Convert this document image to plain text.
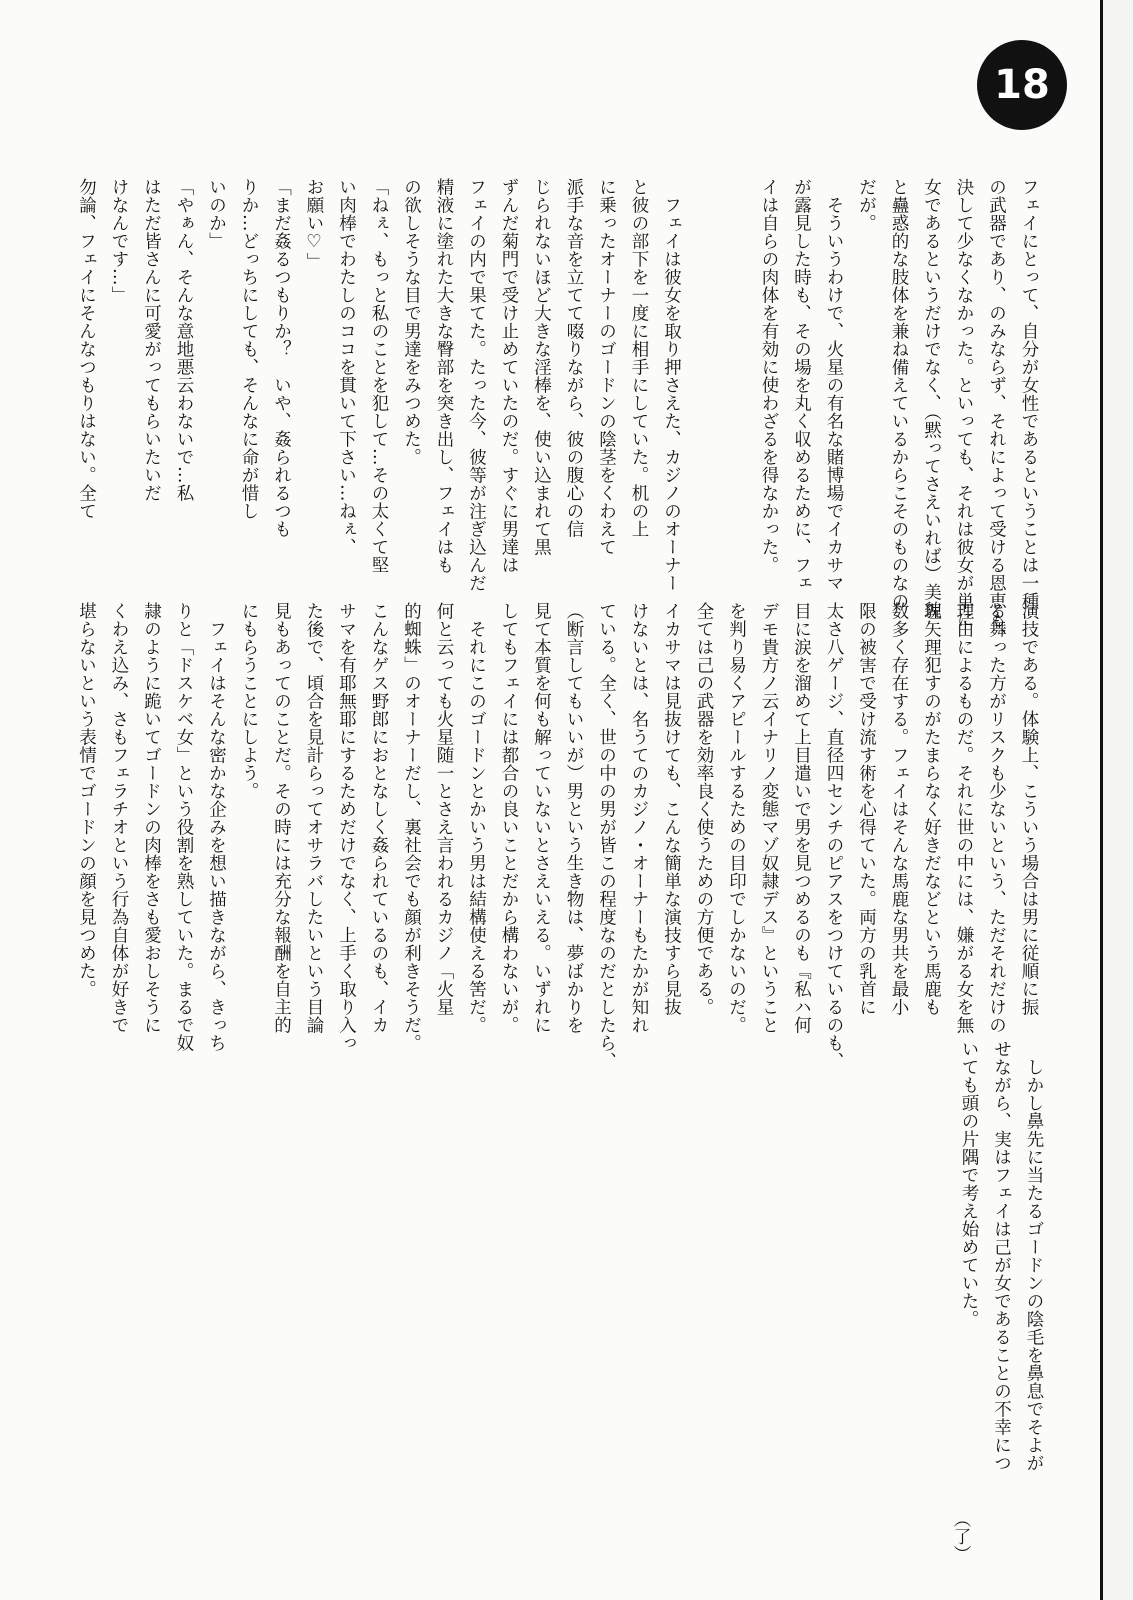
18
フェイにとって、自分が女性であるということは一種
の武器であり、のみならず、それによって受ける恩恵も、
決して少なくなかった。といっても、それは彼女が単に
女であるというだけでなく、（黙ってさえいれば）美貌
と蠱惑的な肢体を兼ね備えているからこそのものなの
だが。
　そういうわけで、火星の有名な賭博場でイカサマ
が露見した時も、その場を丸く収めるために、フェ
イは自らの肉体を有効に使わざるを得なかった。

　フェイは彼女を取り押さえた、カジノのオーナー
と彼の部下を一度に相手にしていた。机の上
に乗ったオーナーのゴードンの陰茎をくわえて
派手な音を立てて啜りながら、彼の腹心の信
じられないほど大きな淫棒を、使い込まれて黒
ずんだ菊門で受け止めていたのだ。すぐに男達は
フェイの内で果てた。たった今、彼等が注ぎ込んだ
精液に塗れた大きな臀部を突き出し、フェイはも
の欲しそうな目で男達をみつめた。
「ねぇ、もっと私のことを犯して…その太くて堅
い肉棒でわたしのココを貫いて下さい…ねぇ、
お願い♡」
「まだ姦るつもりか？　いや、姦られるつも
りか…どっちにしても、そんなに命が惜し
いのか」
「やぁん、そんな意地悪云わないで…私
はただ皆さんに可愛がってもらいたいだ
けなんです…」
勿論、フェイにそんなつもりはない。全て
演技である。体験上、こういう場合は男に従順に振
る舞った方がリスクも少ないという、ただそれだけの
理由によるものだ。それに世の中には、嫌がる女を無
理矢理犯すのがたまらなく好きだなどという馬鹿も
数多く存在する。フェイはそんな馬鹿な男共を最小
限の被害で受け流す術を心得ていた。両方の乳首に
太さ八ゲージ、直径四センチのピアスをつけているのも、
目に涙を溜めて上目遣いで男を見つめるのも『私ハ何
デモ貴方ノ云イナリノ変態マゾ奴隷デス』ということ
を判り易くアピールするための目印でしかないのだ。
全ては己の武器を効率良く使うための方便である。
イカサマは見抜けても、こんな簡単な演技すら見抜
けないとは、名うてのカジノ・オーナーもたかが知れ
ている。全く、世の中の男が皆この程度なのだとしたら、
（断言してもいいが）男という生き物は、夢ばかりを
見て本質を何も解っていないとさえいえる。いずれに
してもフェイには都合の良いことだから構わないが。
　それにこのゴードンとかいう男は結構使える筈だ。
何と云っても火星随一とさえ言われるカジノ「火星
的蜘蛛」のオーナーだし、裏社会でも顔が利きそうだ。
こんなゲス野郎におとなしく姦られているのも、イカ
サマを有耶無耶にするためだけでなく、上手く取り入っ
た後で、頃合を見計らってオサラバしたいという目論
見もあってのことだ。その時には充分な報酬を自主的
にもらうことにしよう。
　フェイはそんな密かな企みを想い描きながら、きっち
りと「ドスケベ女」という役割を熟していた。まるで奴
隷のように跪いてゴードンの肉棒をさも愛おしそうに
くわえ込み、さもフェラチオという行為自体が好きで
堪らないという表情でゴードンの顔を見つめた。
　しかし鼻先に当たるゴードンの陰毛を鼻息でそよが
せながら、実はフェイは己が女であることの不幸につ
いても頭の片隅で考え始めていた。
（了）
